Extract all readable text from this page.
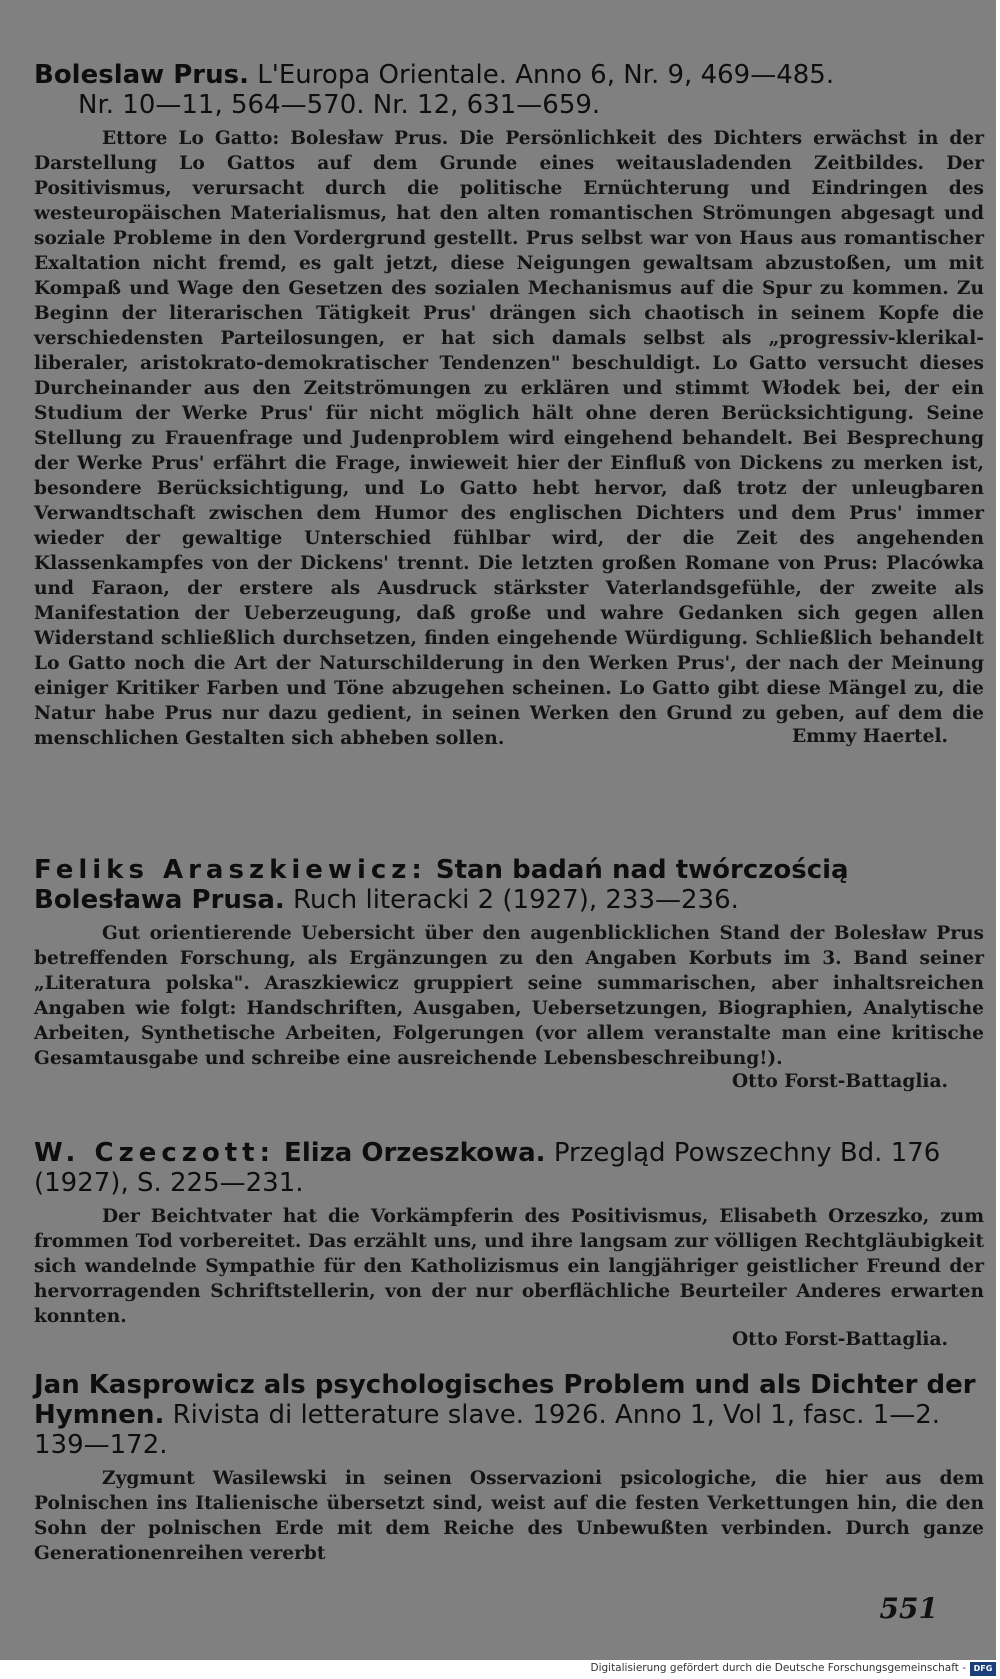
Boleslaw Prus. L'Europa Orientale. Anno 6, Nr. 9, 469—485.
Nr. 10—11, 564—570. Nr. 12, 631—659.

Ettore Lo Gatto: Bolesław Prus. Die Persönlichkeit des Dichters erwächst in der Darstellung Lo Gattos auf dem Grunde eines weitausladenden Zeitbildes. Der Positivismus, verursacht durch die politische Ernüchterung und Eindringen des westeuropäischen Materialismus, hat den alten romantischen Strömungen abgesagt und soziale Probleme in den Vordergrund gestellt. Prus selbst war von Haus aus romantischer Exaltation nicht fremd, es galt jetzt, diese Neigungen gewaltsam abzustoßen, um mit Kompaß und Wage den Gesetzen des sozialen Mechanismus auf die Spur zu kommen. Zu Beginn der literarischen Tätigkeit Prus' drängen sich chaotisch in seinem Kopfe die verschiedensten Parteilosungen, er hat sich damals selbst als „progressiv-klerikal-liberaler, aristokrato-demokratischer Tendenzen" beschuldigt. Lo Gatto versucht dieses Durcheinander aus den Zeitströmungen zu erklären und stimmt Włodek bei, der ein Studium der Werke Prus' für nicht möglich hält ohne deren Berücksichtigung. Seine Stellung zu Frauenfrage und Judenproblem wird eingehend behandelt. Bei Besprechung der Werke Prus' erfährt die Frage, inwieweit hier der Einfluß von Dickens zu merken ist, besondere Berücksichtigung, und Lo Gatto hebt hervor, daß trotz der unleugbaren Verwandtschaft zwischen dem Humor des englischen Dichters und dem Prus' immer wieder der gewaltige Unterschied fühlbar wird, der die Zeit des angehenden Klassenkampfes von der Dickens' trennt. Die letzten großen Romane von Prus: Placówka und Faraon, der erstere als Ausdruck stärkster Vaterlandsgefühle, der zweite als Manifestation der Ueberzeugung, daß große und wahre Gedanken sich gegen allen Widerstand schließlich durchsetzen, finden eingehende Würdigung. Schließlich behandelt Lo Gatto noch die Art der Naturschilderung in den Werken Prus', der nach der Meinung einiger Kritiker Farben und Töne abzugehen scheinen. Lo Gatto gibt diese Mängel zu, die Natur habe Prus nur dazu gedient, in seinen Werken den Grund zu geben, auf dem die menschlichen Gestalten sich abheben sollen.	Emmy Haertel.
Feliks Araszkiewicz: Stan badań nad twórczością Bolesława Prusa. Ruch literacki 2 (1927), 233—236.

Gut orientierende Uebersicht über den augenblicklichen Stand der Bolesław Prus betreffenden Forschung, als Ergänzungen zu den Angaben Korbuts im 3. Band seiner „Literatura polska". Araszkiewicz gruppiert seine summarischen, aber inhaltsreichen Angaben wie folgt: Handschriften, Ausgaben, Uebersetzungen, Biographien, Analytische Arbeiten, Synthetische Arbeiten, Folgerungen (vor allem veranstalte man eine kritische Gesamtausgabe und schreibe eine ausreichende Lebensbeschreibung!).

Otto Forst-Battaglia.
W. Czeczott: Eliza Orzeszkowa. Przegląd Powszechny Bd. 176 (1927), S. 225—231.

Der Beichtvater hat die Vorkämpferin des Positivismus, Elisabeth Orzeszko, zum frommen Tod vorbereitet. Das erzählt uns, und ihre langsam zur völligen Rechtgläubigkeit sich wandelnde Sympathie für den Katholizismus ein langjähriger geistlicher Freund der hervorragenden Schriftstellerin, von der nur oberflächliche Beurteiler Anderes erwarten konnten.

Otto Forst-Battaglia.
Jan Kasprowicz als psychologisches Problem und als Dichter der Hymnen. Rivista di letterature slave. 1926. Anno 1, Vol 1, fasc. 1—2. 139—172.

Zygmunt Wasilewski in seinen Osservazioni psicologiche, die hier aus dem Polnischen ins Italienische übersetzt sind, weist auf die festen Verkettungen hin, die den Sohn der polnischen Erde mit dem Reiche des Unbewußten verbinden. Durch ganze Generationenreihen vererbt

551
Digitalisierung gefördert durch die Deutsche Forschungsgemeinschaft - DFG
